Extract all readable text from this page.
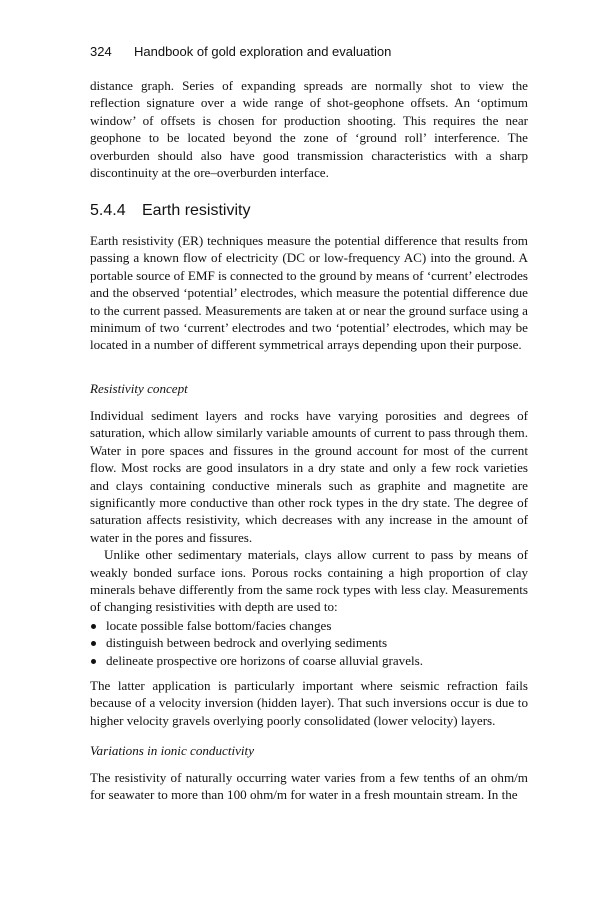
324 Handbook of gold exploration and evaluation

distance graph. Series of expanding spreads are normally shot to view the reflection signature over a wide range of shot-geophone offsets. An ‘optimum window’ of offsets is chosen for production shooting. This requires the near geophone to be located beyond the zone of ‘ground roll’ interference. The overburden should also have good transmission characteristics with a sharp discontinuity at the ore–overburden interface.

5.4.4 Earth resistivity

Earth resistivity (ER) techniques measure the potential difference that results from passing a known flow of electricity (DC or low-frequency AC) into the ground. A portable source of EMF is connected to the ground by means of ‘current’ electrodes and the observed ‘potential’ electrodes, which measure the potential difference due to the current passed. Measurements are taken at or near the ground surface using a minimum of two ‘current’ electrodes and two ‘potential’ electrodes, which may be located in a number of different symmetrical arrays depending upon their purpose.

Resistivity concept

Individual sediment layers and rocks have varying porosities and degrees of saturation, which allow similarly variable amounts of current to pass through them. Water in pore spaces and fissures in the ground account for most of the current flow. Most rocks are good insulators in a dry state and only a few rock varieties and clays containing conductive minerals such as graphite and magnetite are significantly more conductive than other rock types in the dry state. The degree of saturation affects resistivity, which decreases with any increase in the amount of water in the pores and fissures.

Unlike other sedimentary materials, clays allow current to pass by means of weakly bonded surface ions. Porous rocks containing a high proportion of clay minerals behave differently from the same rock types with less clay. Measurements of changing resistivities with depth are used to:

locate possible false bottom/facies changes
distinguish between bedrock and overlying sediments
delineate prospective ore horizons of coarse alluvial gravels.

The latter application is particularly important where seismic refraction fails because of a velocity inversion (hidden layer). That such inversions occur is due to higher velocity gravels overlying poorly consolidated (lower velocity) layers.

Variations in ionic conductivity

The resistivity of naturally occurring water varies from a few tenths of an ohm/m for seawater to more than 100 ohm/m for water in a fresh mountain stream. In the
